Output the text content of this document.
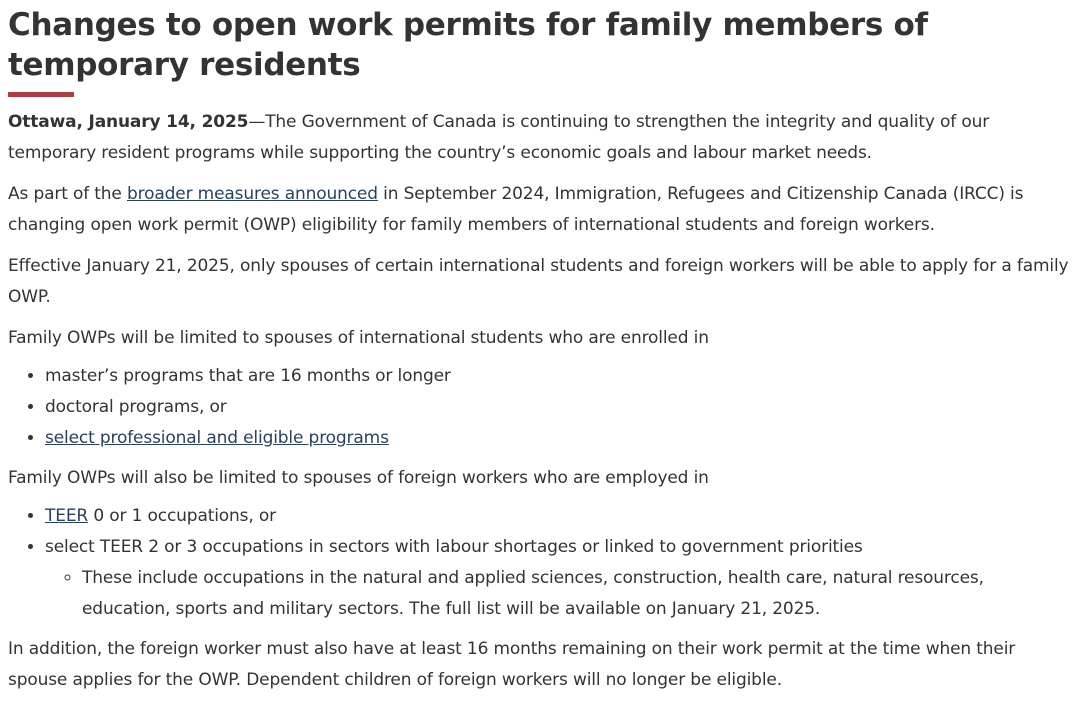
Changes to open work permits for family members of temporary residents

Ottawa, January 14, 2025—The Government of Canada is continuing to strengthen the integrity and quality of our temporary resident programs while supporting the country’s economic goals and labour market needs.

As part of the broader measures announced in September 2024, Immigration, Refugees and Citizenship Canada (IRCC) is changing open work permit (OWP) eligibility for family members of international students and foreign workers.

Effective January 21, 2025, only spouses of certain international students and foreign workers will be able to apply for a family OWP.

Family OWPs will be limited to spouses of international students who are enrolled in

• master’s programs that are 16 months or longer
• doctoral programs, or
• select professional and eligible programs

Family OWPs will also be limited to spouses of foreign workers who are employed in

• TEER 0 or 1 occupations, or
• select TEER 2 or 3 occupations in sectors with labour shortages or linked to government priorities
◦ These include occupations in the natural and applied sciences, construction, health care, natural resources, education, sports and military sectors. The full list will be available on January 21, 2025.

In addition, the foreign worker must also have at least 16 months remaining on their work permit at the time when their spouse applies for the OWP. Dependent children of foreign workers will no longer be eligible.
